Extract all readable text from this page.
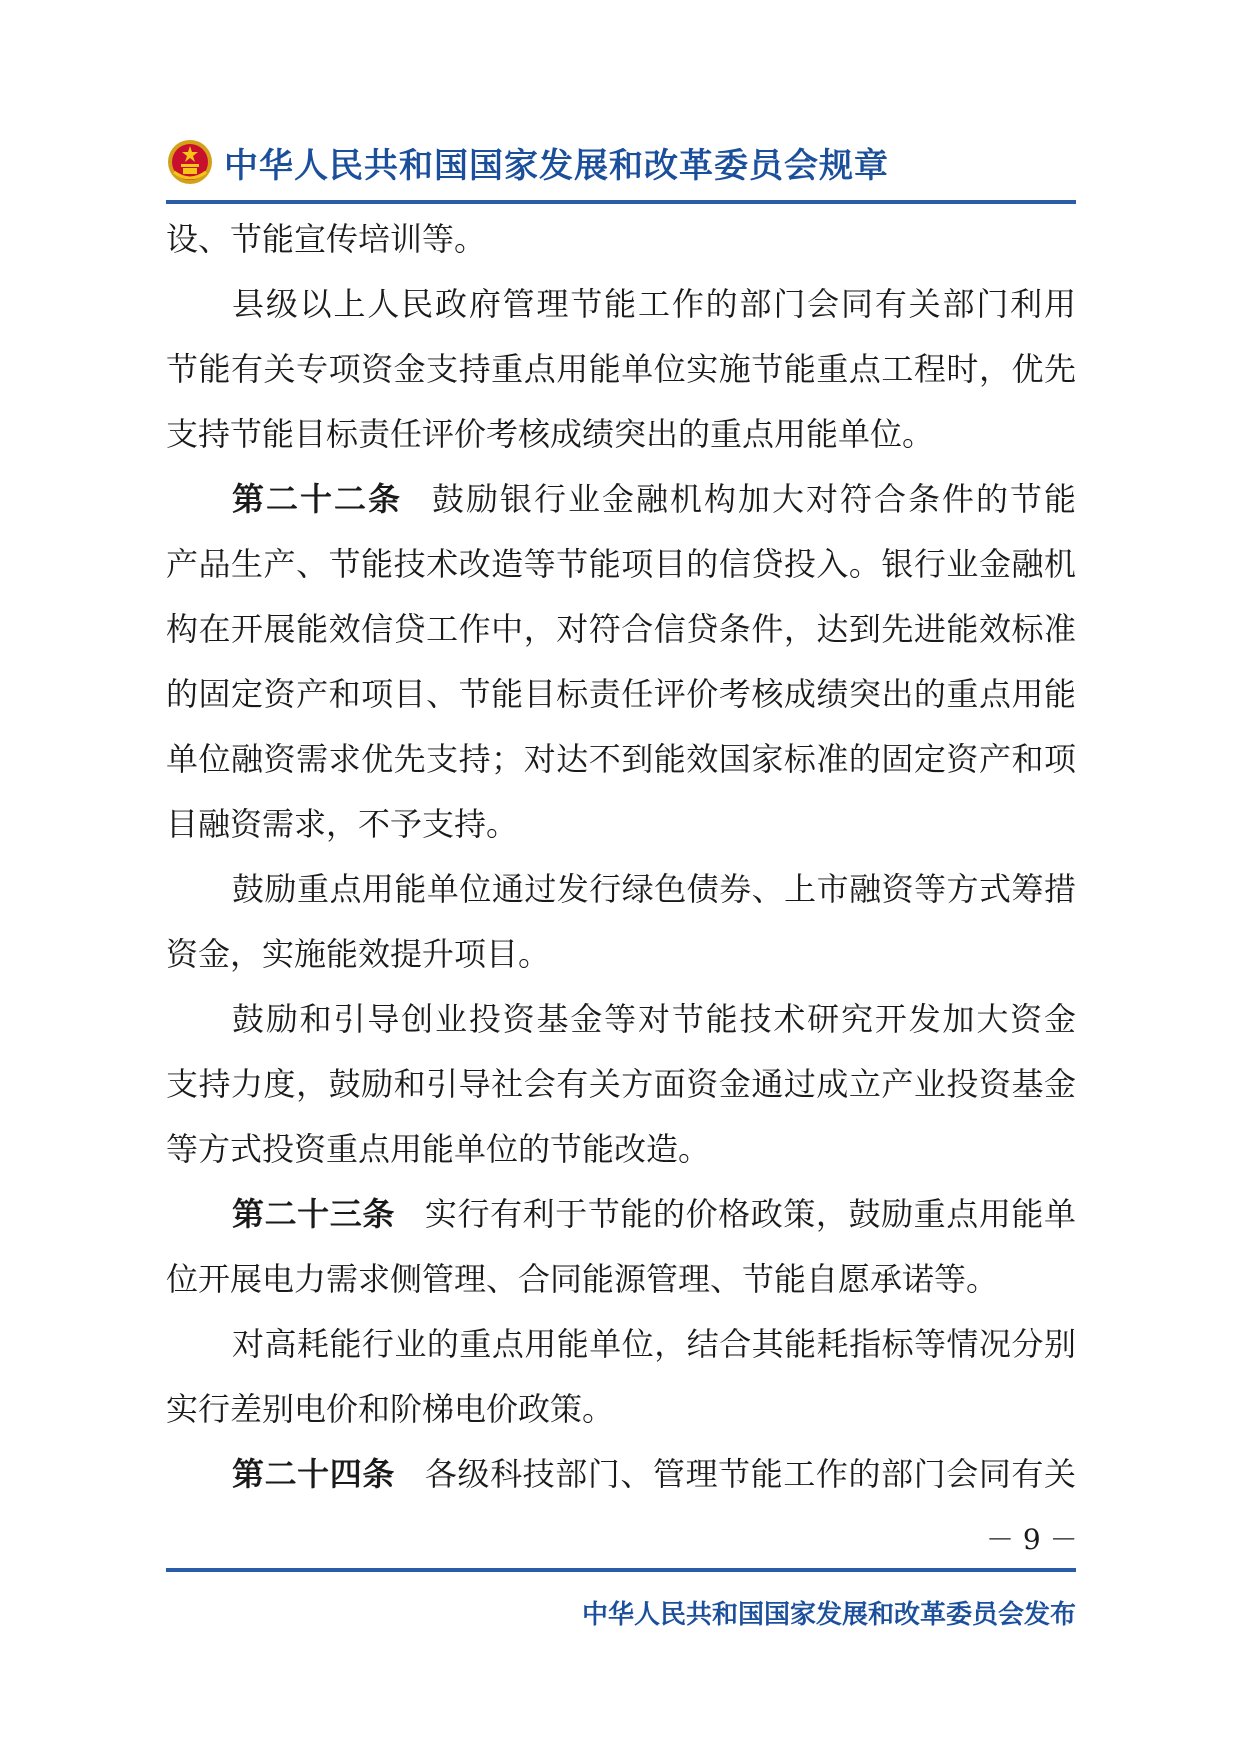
中华人民共和国国家发展和改革委员会规章
设、节能宣传培训等。
县级以上人民政府管理节能工作的部门会同有关部门利用
节能有关专项资金支持重点用能单位实施节能重点工程时，优先
支持节能目标责任评价考核成绩突出的重点用能单位。
第二十二条 鼓励银行业金融机构加大对符合条件的节能
产品生产、节能技术改造等节能项目的信贷投入。银行业金融机
构在开展能效信贷工作中，对符合信贷条件，达到先进能效标准
的固定资产和项目、节能目标责任评价考核成绩突出的重点用能
单位融资需求优先支持；对达不到能效国家标准的固定资产和项
目融资需求，不予支持。
鼓励重点用能单位通过发行绿色债券、上市融资等方式筹措
资金，实施能效提升项目。
鼓励和引导创业投资基金等对节能技术研究开发加大资金
支持力度，鼓励和引导社会有关方面资金通过成立产业投资基金
等方式投资重点用能单位的节能改造。
第二十三条 实行有利于节能的价格政策，鼓励重点用能单
位开展电力需求侧管理、合同能源管理、节能自愿承诺等。
对高耗能行业的重点用能单位，结合其能耗指标等情况分别
实行差别电价和阶梯电价政策。
第二十四条 各级科技部门、管理节能工作的部门会同有关
－ 9 －
中华人民共和国国家发展和改革委员会发布
